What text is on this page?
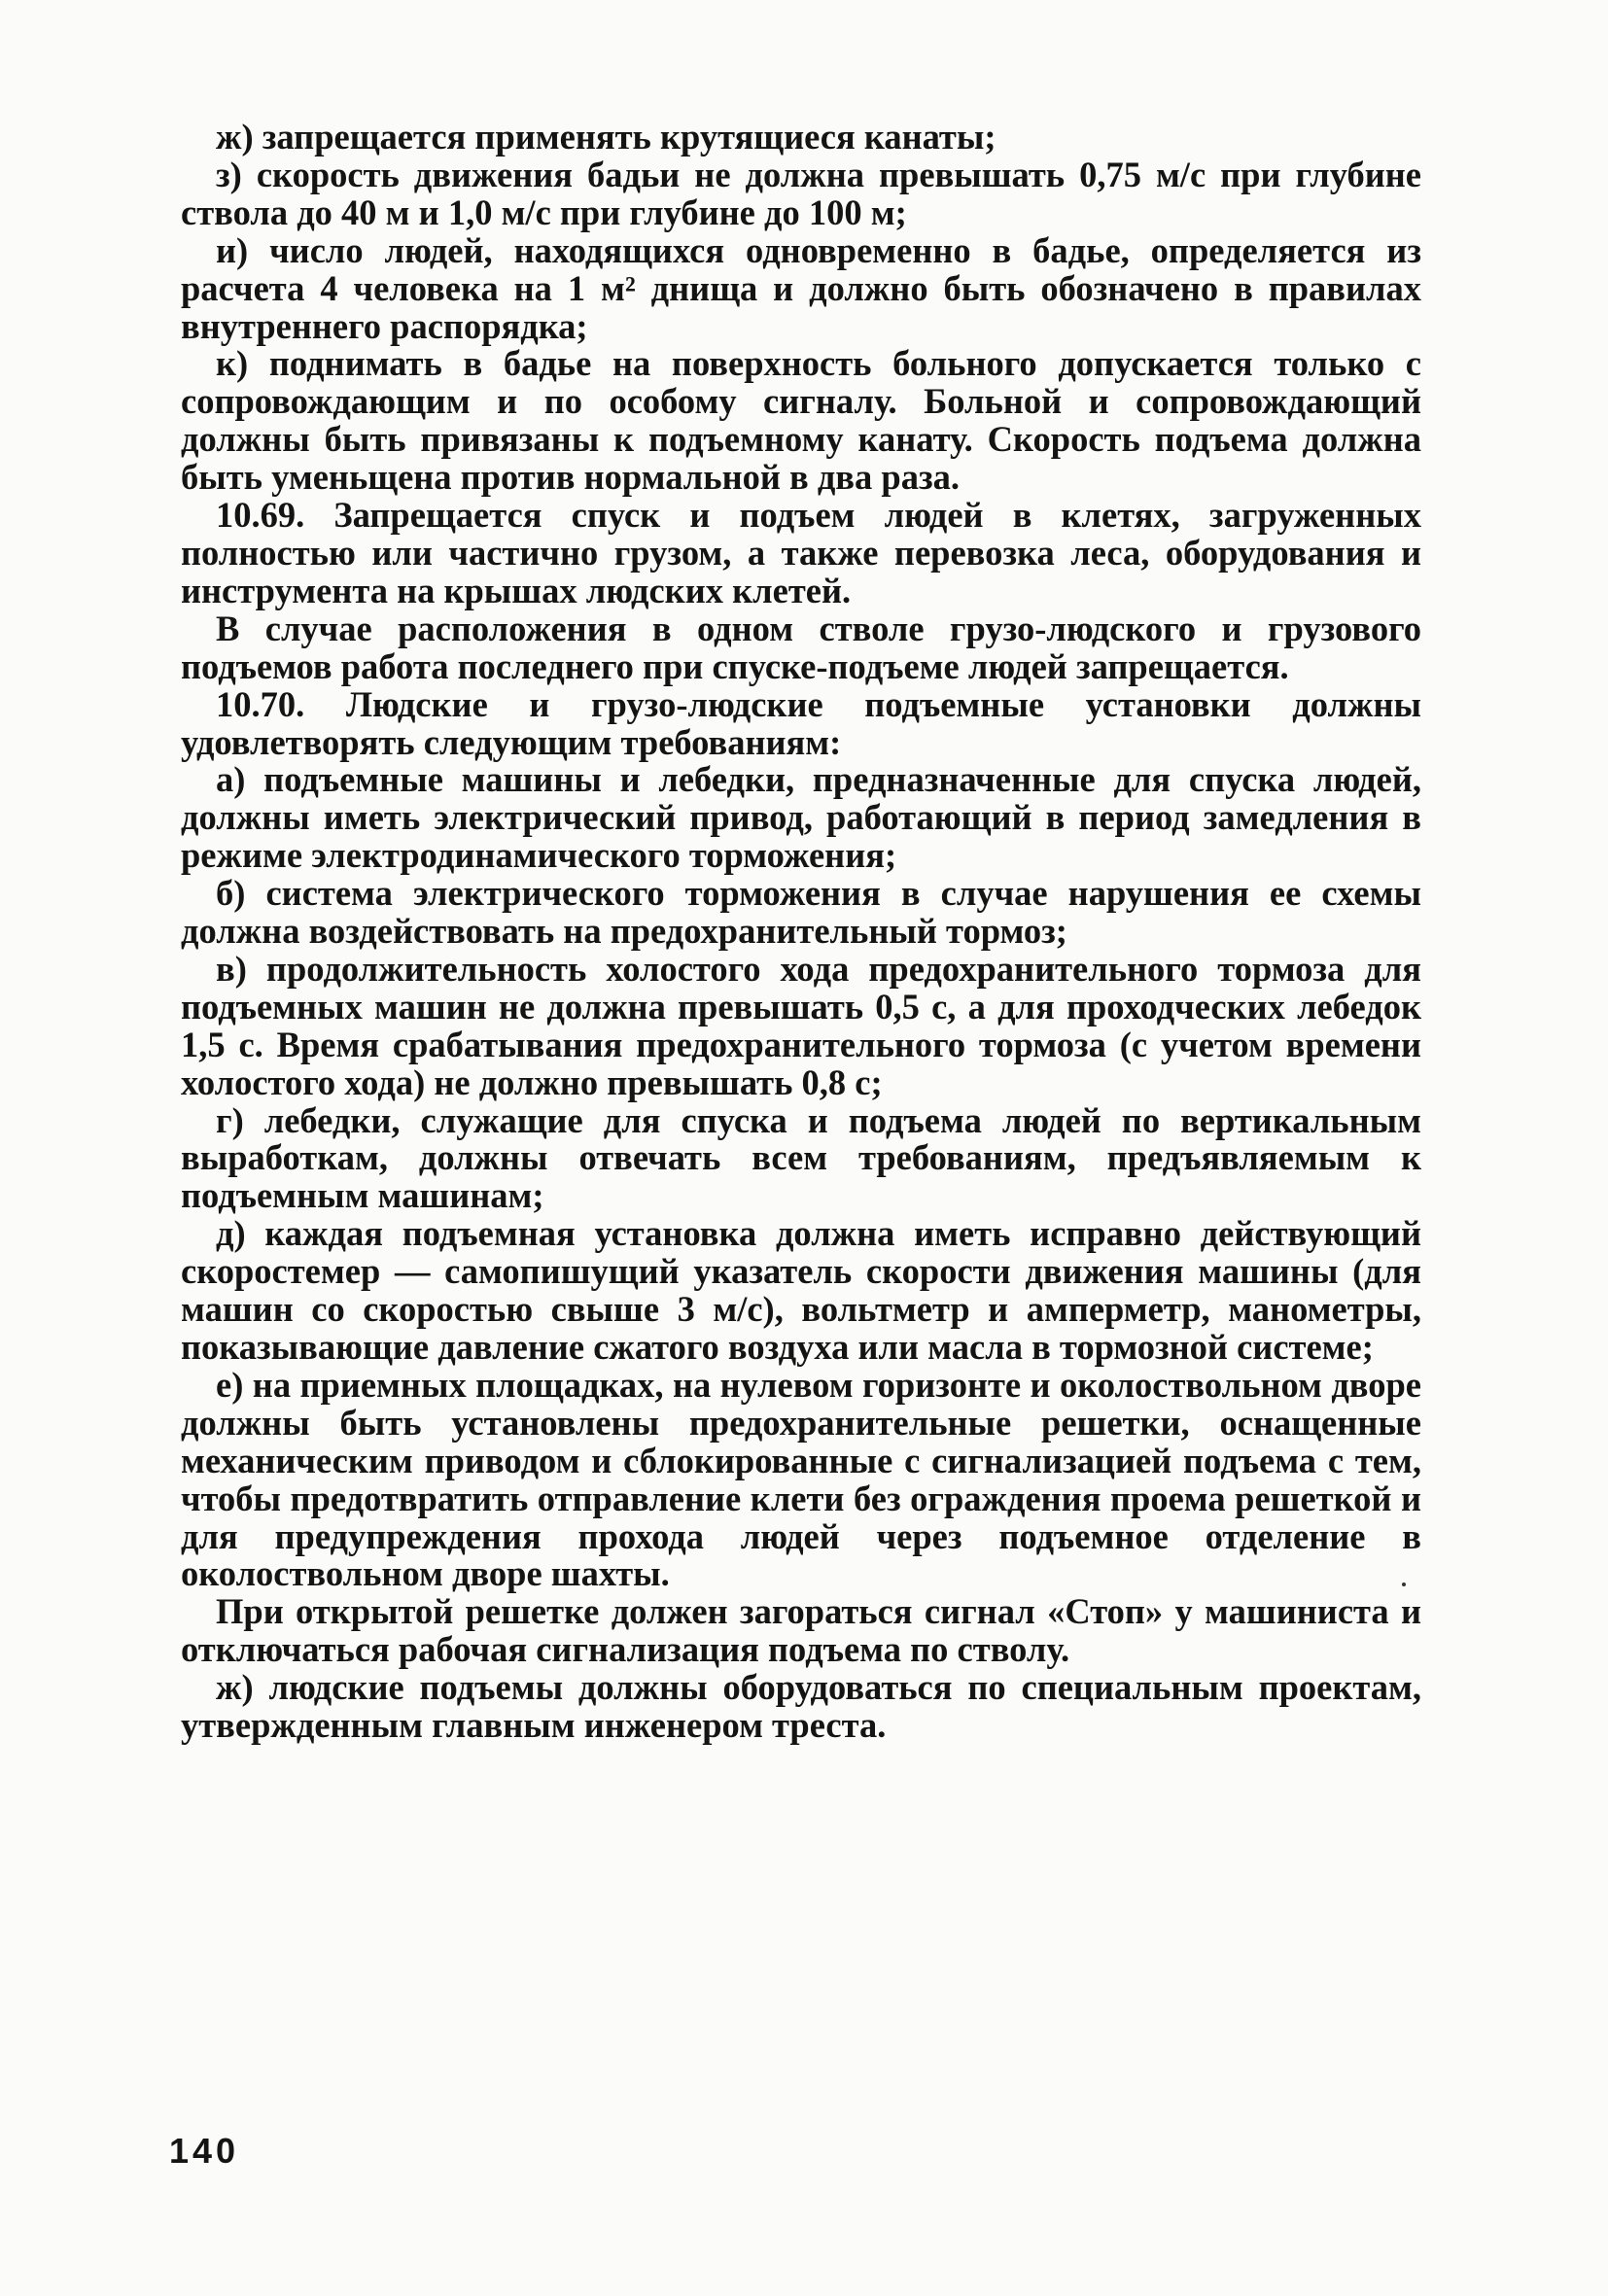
ж) запрещается применять крутящиеся канаты;

з) скорость движения бадьи не должна превышать 0,75 м/с при глубине ствола до 40 м и 1,0 м/с при глубине до 100 м;

и) число людей, находящихся одновременно в бадье, определяется из расчета 4 человека на 1 м² днища и должно быть обозначено в правилах внутреннего распорядка;

к) поднимать в бадье на поверхность больного допускается только с сопровождающим и по особому сигналу. Больной и сопровождающий должны быть привязаны к подъемному канату. Скорость подъема должна быть уменьщена против нормальной в два раза.

10.69. Запрещается спуск и подъем людей в клетях, загруженных полностью или частично грузом, а также перевозка леса, оборудования и инструмента на крышах людских клетей.

В случае расположения в одном стволе грузо-людского и грузового подъемов работа последнего при спуске-подъеме людей запрещается.

10.70. Людские и грузо-людские подъемные установки должны удовлетворять следующим требованиям:

а) подъемные машины и лебедки, предназначенные для спуска людей, должны иметь электрический привод, работающий в период замедления в режиме электродинамического торможения;

б) система электрического торможения в случае нарушения ее схемы должна воздействовать на предохранительный тормоз;

в) продолжительность холостого хода предохранительного тормоза для подъемных машин не должна превышать 0,5 с, а для проходческих лебедок 1,5 с. Время срабатывания предохранительного тормоза (с учетом времени холостого хода) не должно превышать 0,8 с;

г) лебедки, служащие для спуска и подъема людей по вертикальным выработкам, должны отвечать всем требованиям, предъявляемым к подъемным машинам;

д) каждая подъемная установка должна иметь исправно действующий скоростемер — самопишущий указатель скорости движения машины (для машин со скоростью свыше 3 м/с), вольтметр и амперметр, манометры, показывающие давление сжатого воздуха или масла в тормозной системе;

е) на приемных площадках, на нулевом горизонте и околоствольном дворе должны быть установлены предохранительные решетки, оснащенные механическим приводом и сблокированные с сигнализацией подъема с тем, чтобы предотвратить отправление клети без ограждения проема решеткой и для предупреждения прохода людей через подъемное отделение в околоствольном дворе шахты.

При открытой решетке должен загораться сигнал «Стоп» у машиниста и отключаться рабочая сигнализация подъема по стволу.

ж) людские подъемы должны оборудоваться по специальным проектам, утвержденным главным инженером треста.

140
